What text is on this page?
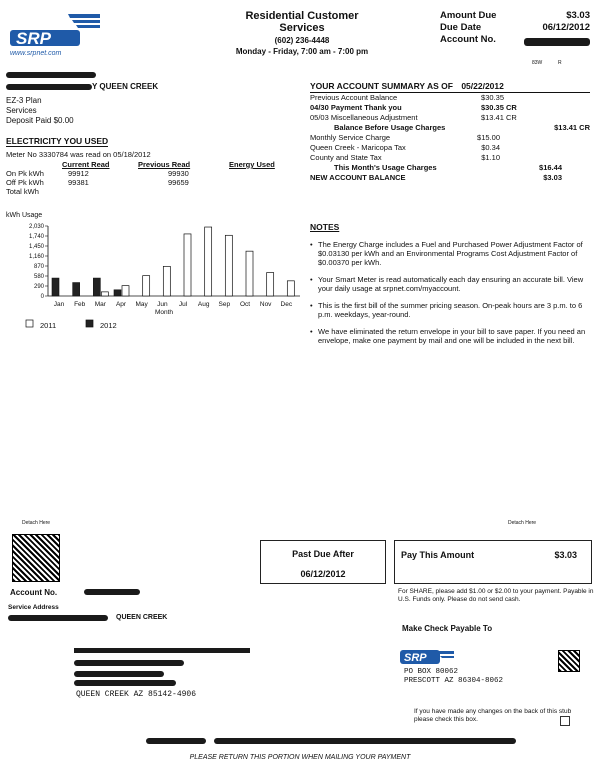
SRP
www.srpnet.com
Residential Customer Services
(602) 236-4448
Monday - Friday, 7:00 am - 7:00 pm
Amount Due	$3.03
Due Date	06/12/2012
Account No.
83W	R
Y QUEEN CREEK
EZ-3 Plan
Services
Deposit Paid $0.00
ELECTRICITY YOU USED
Meter No 3330784 was read on 05/18/2012
	Current Read	Previous Read	Energy Used
On Pk kWh	99912	99930	
Off Pk kWh	99381	99659	
Total kWh			
kWh Usage
2,030
1,740
1,450
1,160
870
580
290
0
Jan Feb Mar Apr May Jun Jul Aug Sep Oct Nov Dec
Month
2011	2012
YOUR ACCOUNT SUMMARY AS OF 05/22/2012
Previous Account Balance	$30.35
04/30 Payment Thank you	$30.35 CR
05/03 Miscellaneous Adjustment	$13.41 CR
Balance Before Usage Charges	$13.41 CR
Monthly Service Charge	$15.00
Queen Creek - Maricopa Tax	$0.34
County and State Tax	$1.10
This Month's Usage Charges	$16.44
NEW ACCOUNT BALANCE	$3.03
NOTES
• The Energy Charge includes a Fuel and Purchased Power Adjustment Factor of $0.03130 per kWh and an Environmental Programs Cost Adjustment Factor of $0.00370 per kWh.
• Your Smart Meter is read automatically each day ensuring an accurate bill. View your daily usage at srpnet.com/myaccount.
• This is the first bill of the summer pricing season. On-peak hours are 3 p.m. to 6 p.m. weekdays, year-round.
• We have eliminated the return envelope in your bill to save paper. If you need an envelope, make one payment by mail and one will be included in the next bill.
Detach Here	Detach Here
Past Due After
06/12/2012
Pay This Amount	$3.03
For SHARE, please add $1.00 or $2.00 to your payment. Payable in U.S. Funds only. Please do not send cash.
Account No.
Service Address
QUEEN CREEK
Make Check Payable To
QUEEN CREEK AZ 85142-4906
SRP
PO BOX 80062
PRESCOTT AZ 86304-8062
If you have made any changes on the back of this stub please check this box.
PLEASE RETURN THIS PORTION WHEN MAILING YOUR PAYMENT
